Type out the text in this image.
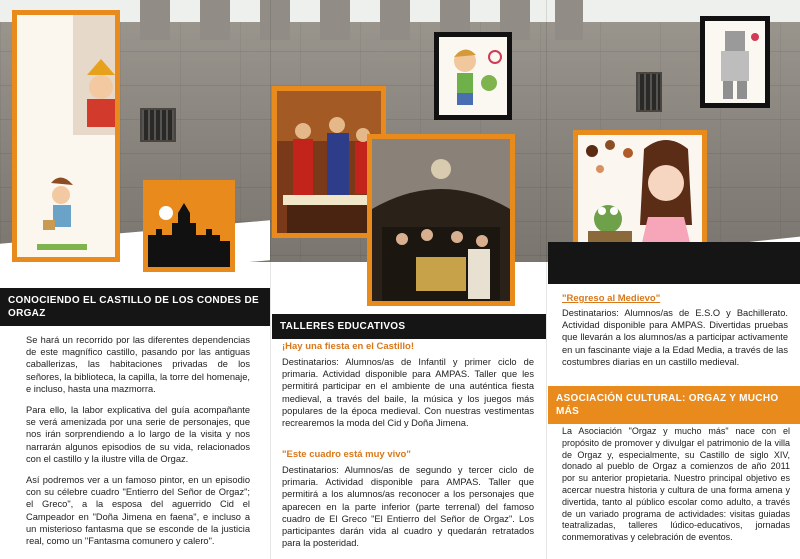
CONOCIENDO EL CASTILLO DE LOS CONDES DE ORGAZ

Se hará un recorrido por las diferentes dependencias de este magnífico castillo, pasando por las antiguas caballerizas, las habitaciones privadas de los señores, la biblioteca, la capilla, la torre del homenaje, e incluso, hasta una mazmorra.

Para ello, la labor explicativa del guía acompañante se verá amenizada por una serie de personajes, que nos irán sorprendiendo a lo largo de la visita y nos narrarán algunos episodios de su vida, relacionados con el castillo y la ilustre villa de Orgaz.

Así podremos ver a un famoso pintor, en un episodio con su célebre cuadro "Entierro del Señor de Orgaz"; el Greco", a la esposa del aguerrido Cid el Campeador en "Doña Jimena en faena", e incluso a un misterioso fantasma que se esconde de la justicia real, como un "Fantasma comunero y calero".

TALLERES EDUCATIVOS
¡Hay una fiesta en el Castillo!
Destinatarios: Alumnos/as de Infantil y primer ciclo de primaria. Actividad disponible para AMPAS. Taller que les permitirá participar en el ambiente de una auténtica fiesta medieval, a través del baile, la música y los juegos más populares de la época medieval. Con nuestras vestimentas recrearemos la moda del Cid y Doña Jimena.
"Este cuadro está muy vivo"
Destinatarios: Alumnos/as de segundo y tercer ciclo de primaria. Actividad disponible para AMPAS. Taller que permitirá a los alumnos/as reconocer a los personajes que aparecen en la parte inferior (parte terrenal) del famoso cuadro de El Greco "El Entierro del Señor de Orgaz". Los participantes darán vida al cuadro y quedarán retratados para la posteridad.
"Regreso al Medievo"
Destinatarios: Alumnos/as de E.S.O y Bachillerato. Actividad disponible para AMPAS. Divertidas pruebas que llevarán a los alumnos/as a participar activamente en un fascinante viaje a la Edad Media, a través de las costumbres diarias en un castillo medieval.
ASOCIACIÓN CULTURAL: ORGAZ Y MUCHO MÁS
La Asociación "Orgaz y mucho más" nace con el propósito de promover y divulgar el patrimonio de la villa de Orgaz y, especialmente, su Castillo de siglo XIV, donado al pueblo de Orgaz a comienzos de año 2011 por su anterior propietaria. Nuestro principal objetivo es acercar nuestra historia y cultura de una forma amena y divertida, tanto al público escolar como adulto, a través de un variado programa de actividades: visitas guiadas teatralizadas, talleres lúdico-educativos, jornadas conmemorativas y celebración de eventos.
